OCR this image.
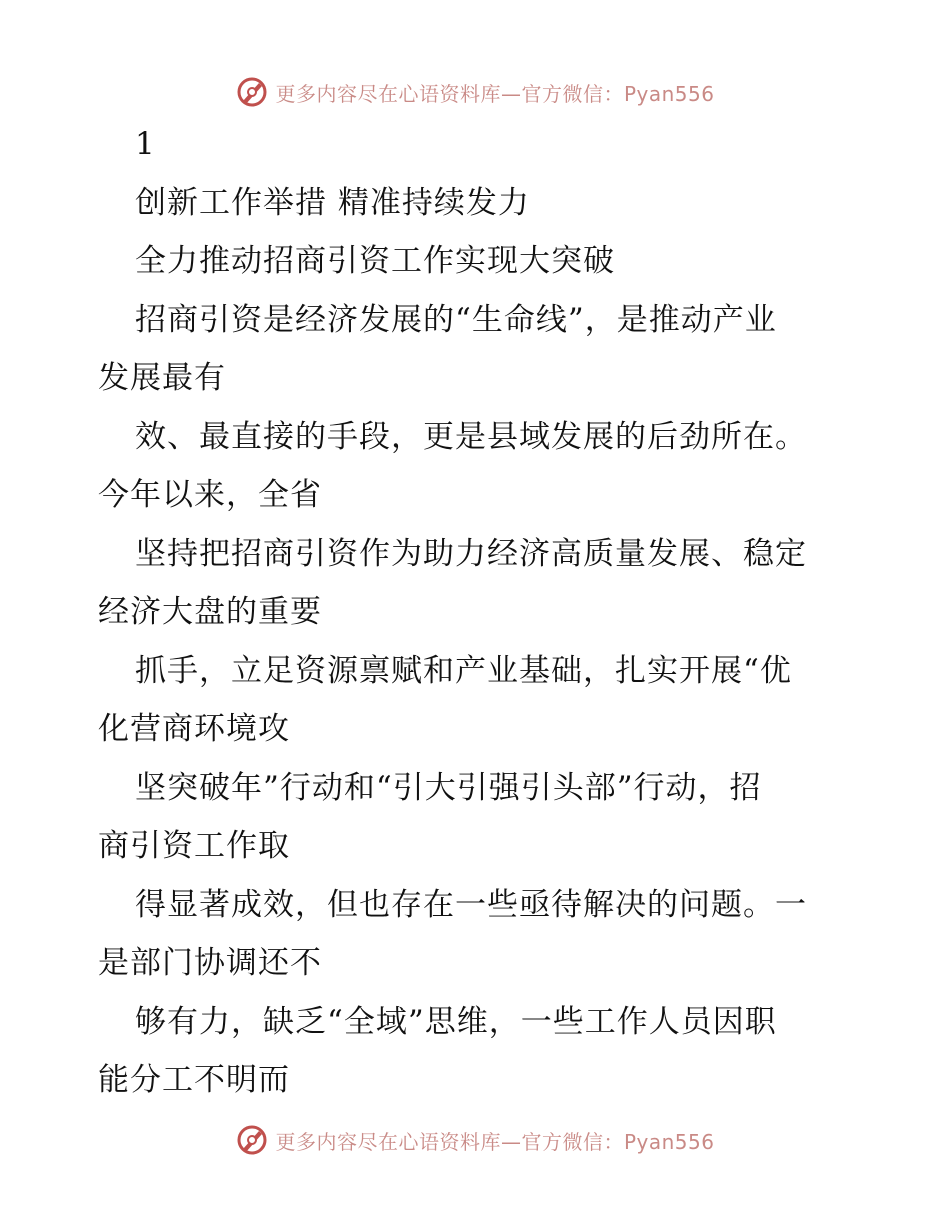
更多内容尽在心语资料库—官方微信：Pyan556
1
创新工作举措 精准持续发力
全力推动招商引资工作实现大突破
招商引资是经济发展的“生命线”，是推动产业
发展最有
效、最直接的手段，更是县域发展的后劲所在。
今年以来，全省
坚持把招商引资作为助力经济高质量发展、稳定
经济大盘的重要
抓手，立足资源禀赋和产业基础，扎实开展“优
化营商环境攻
坚突破年”行动和“引大引强引头部”行动，招
商引资工作取
得显著成效，但也存在一些亟待解决的问题。一
是部门协调还不
够有力，缺乏“全域”思维，一些工作人员因职
能分工不明而
更多内容尽在心语资料库—官方微信：Pyan556
